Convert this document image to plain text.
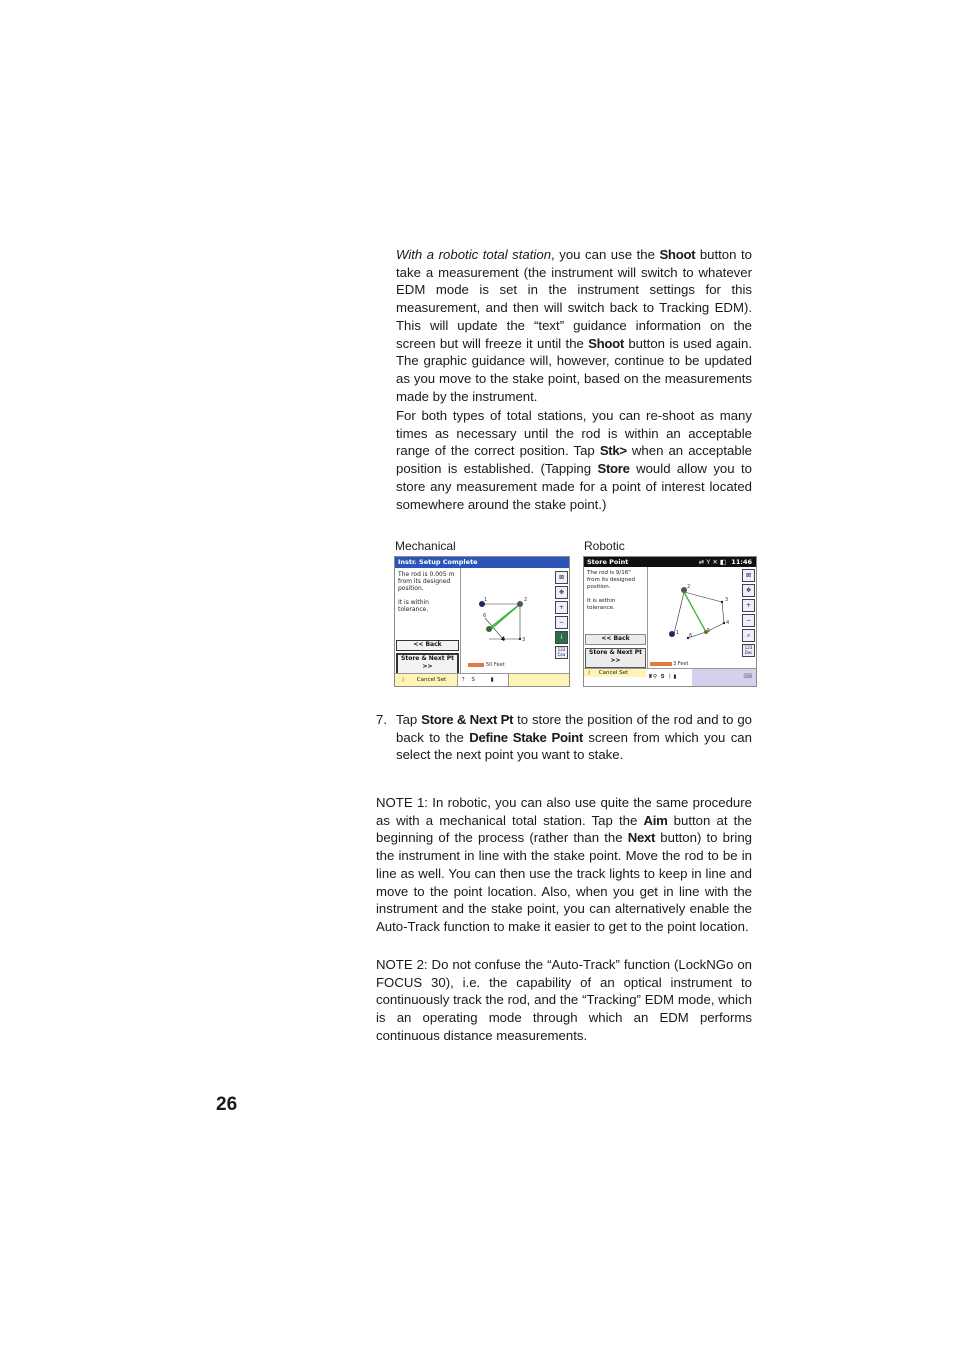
With a robotic total station, you can use the Shoot button to take a measurement (the instrument will switch to whatever EDM mode is set in the instrument settings for this measurement, and then will switch back to Tracking EDM). This will update the “text” guidance information on the screen but will freeze it until the Shoot button is used again. The graphic guidance will, however, continue to be updated as you move to the stake point, based on the measurements made by the instrument.

For both types of total stations, you can re-shoot as many times as necessary until the rod is within an acceptable range of the correct position. Tap Stk> when an acceptable position is established. (Tapping Store would allow you to store any measurement made for a point of interest located somewhere around the stake point.)

Mechanical	Robotic
Instr. Setup Complete
The rod is 0.005 m
from its designed
position.
It is within
tolerance.
<< Back
Store & Next Pt
>>
1	2
3
4
6
50 Feet
⊠
✥
+
−
i
123
Cea
⚷ Cancel Set	⇡ S	▮
Store Point	⇄ Y ✕ ◧ 11:46
The rod is 9/16"
from its designed
position.
It is within
tolerance.
<< Back
Store & Next Pt
>>
1
2
3
4
5
6
3 Feet
⊠
✥
+
−
⌕
123
Dec
⚷ Cancel Set
♜⚲ 5 ᛒ ▮	⌨
7. Tap Store & Next Pt to store the position of the rod and to go back to the Define Stake Point screen from which you can select the next point you want to stake.

NOTE 1: In robotic, you can also use quite the same procedure as with a mechanical total station. Tap the Aim button at the beginning of the process (rather than the Next button) to bring the instrument in line with the stake point. Move the rod to be in line as well. You can then use the track lights to keep in line and move to the point location. Also, when you get in line with the instrument and the stake point, you can alternatively enable the Auto-Track function to make it easier to get to the point location.

NOTE 2: Do not confuse the “Auto-Track” function (LockNGo on FOCUS 30), i.e. the capability of an optical instrument to continuously track the rod, and the “Tracking” EDM mode, which is an operating mode through which an EDM performs continuous distance measurements.

26
